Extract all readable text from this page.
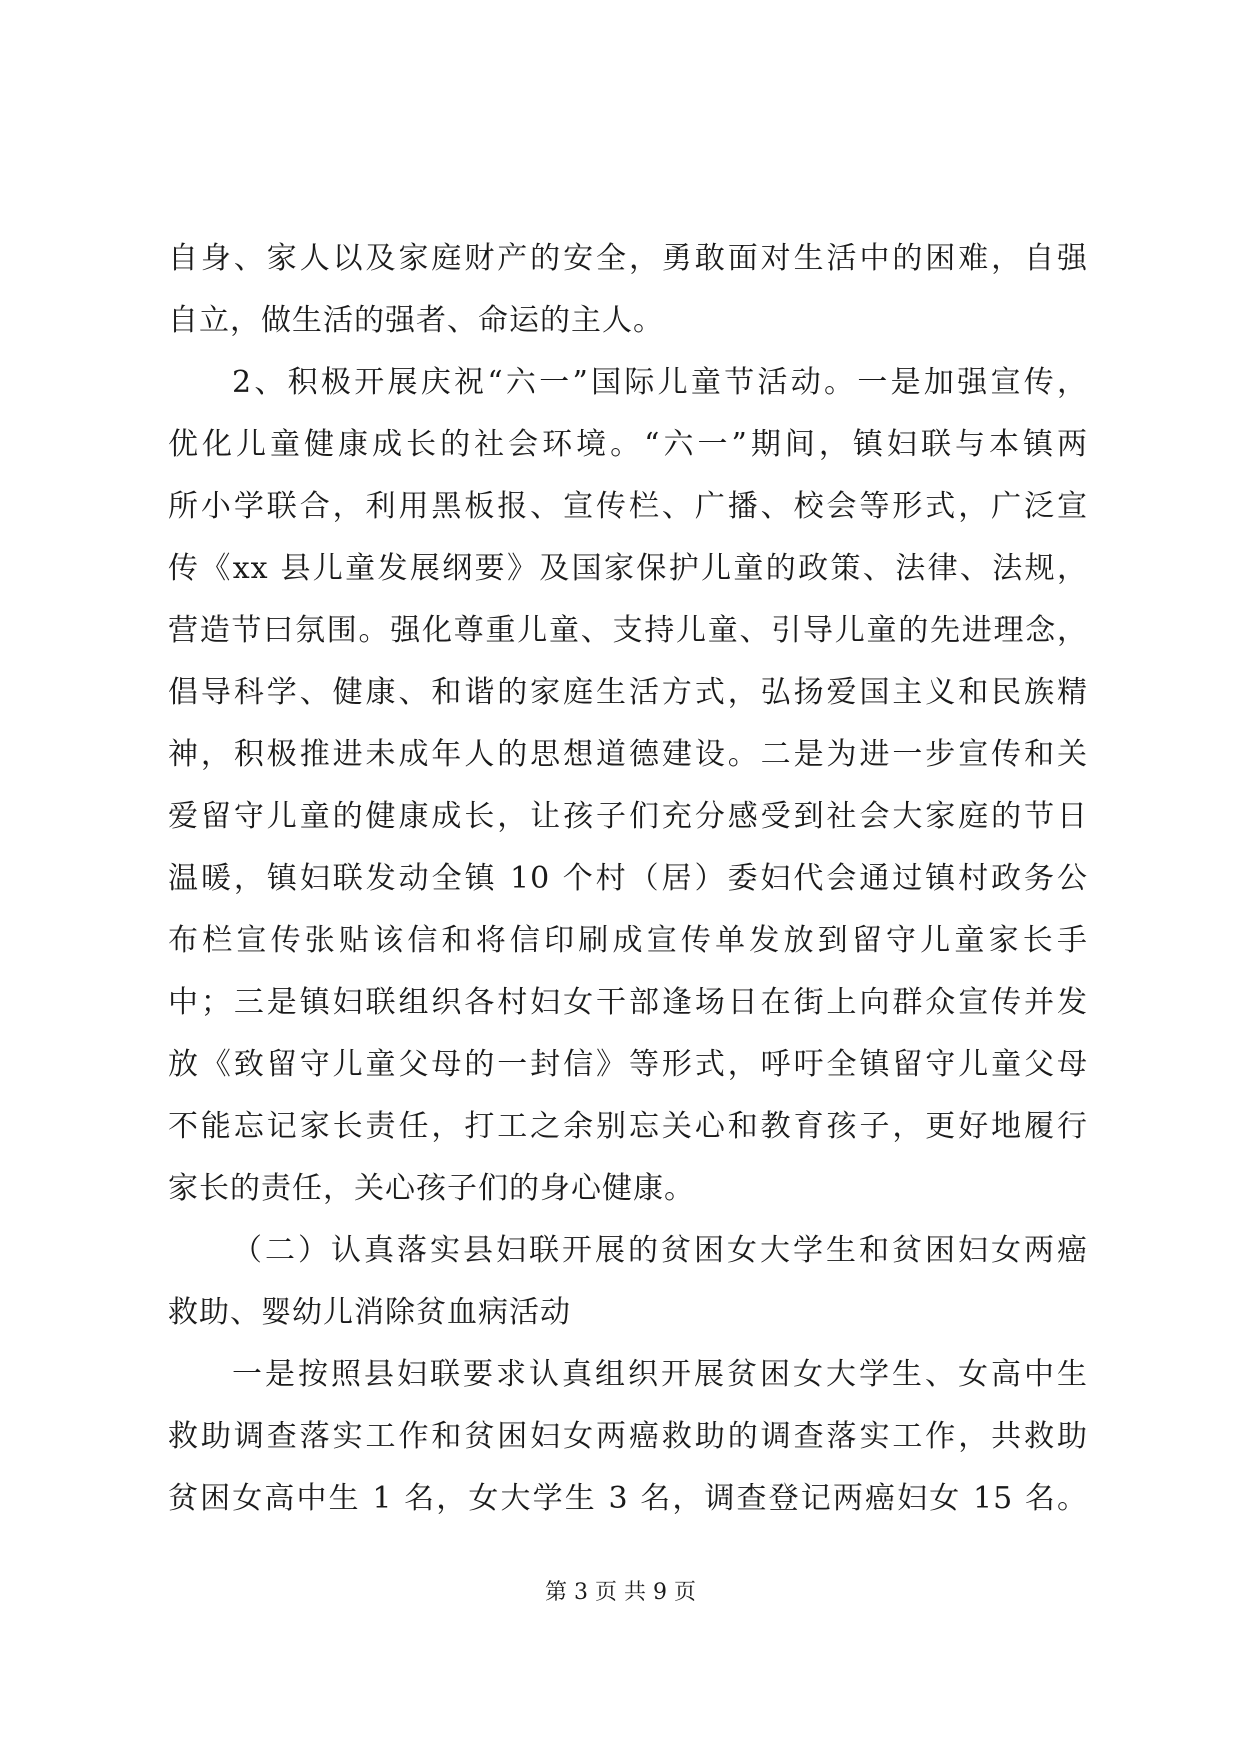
自身、家人以及家庭财产的安全，勇敢面对生活中的困难，自强
自立，做生活的强者、命运的主人。
2、积极开展庆祝“六一”国际儿童节活动。一是加强宣传，
优化儿童健康成长的社会环境。“六一”期间，镇妇联与本镇两
所小学联合，利用黑板报、宣传栏、广播、校会等形式，广泛宣
传《xx 县儿童发展纲要》及国家保护儿童的政策、法律、法规，
营造节曰氛围。强化尊重儿童、支持儿童、引导儿童的先进理念，
倡导科学、健康、和谐的家庭生活方式，弘扬爱国主义和民族精
神，积极推进未成年人的思想道德建设。二是为进一步宣传和关
爱留守儿童的健康成长，让孩子们充分感受到社会大家庭的节日
温暖，镇妇联发动全镇 10 个村（居）委妇代会通过镇村政务公
布栏宣传张贴该信和将信印刷成宣传单发放到留守儿童家长手
中；三是镇妇联组织各村妇女干部逢场日在街上向群众宣传并发
放《致留守儿童父母的一封信》等形式，呼吁全镇留守儿童父母
不能忘记家长责任，打工之余别忘关心和教育孩子，更好地履行
家长的责任，关心孩子们的身心健康。
（二）认真落实县妇联开展的贫困女大学生和贫困妇女两癌
救助、婴幼儿消除贫血病活动
一是按照县妇联要求认真组织开展贫困女大学生、女高中生
救助调查落实工作和贫困妇女两癌救助的调查落实工作，共救助
贫困女高中生 1 名，女大学生 3 名，调查登记两癌妇女 15 名。
第 3 页 共 9 页
